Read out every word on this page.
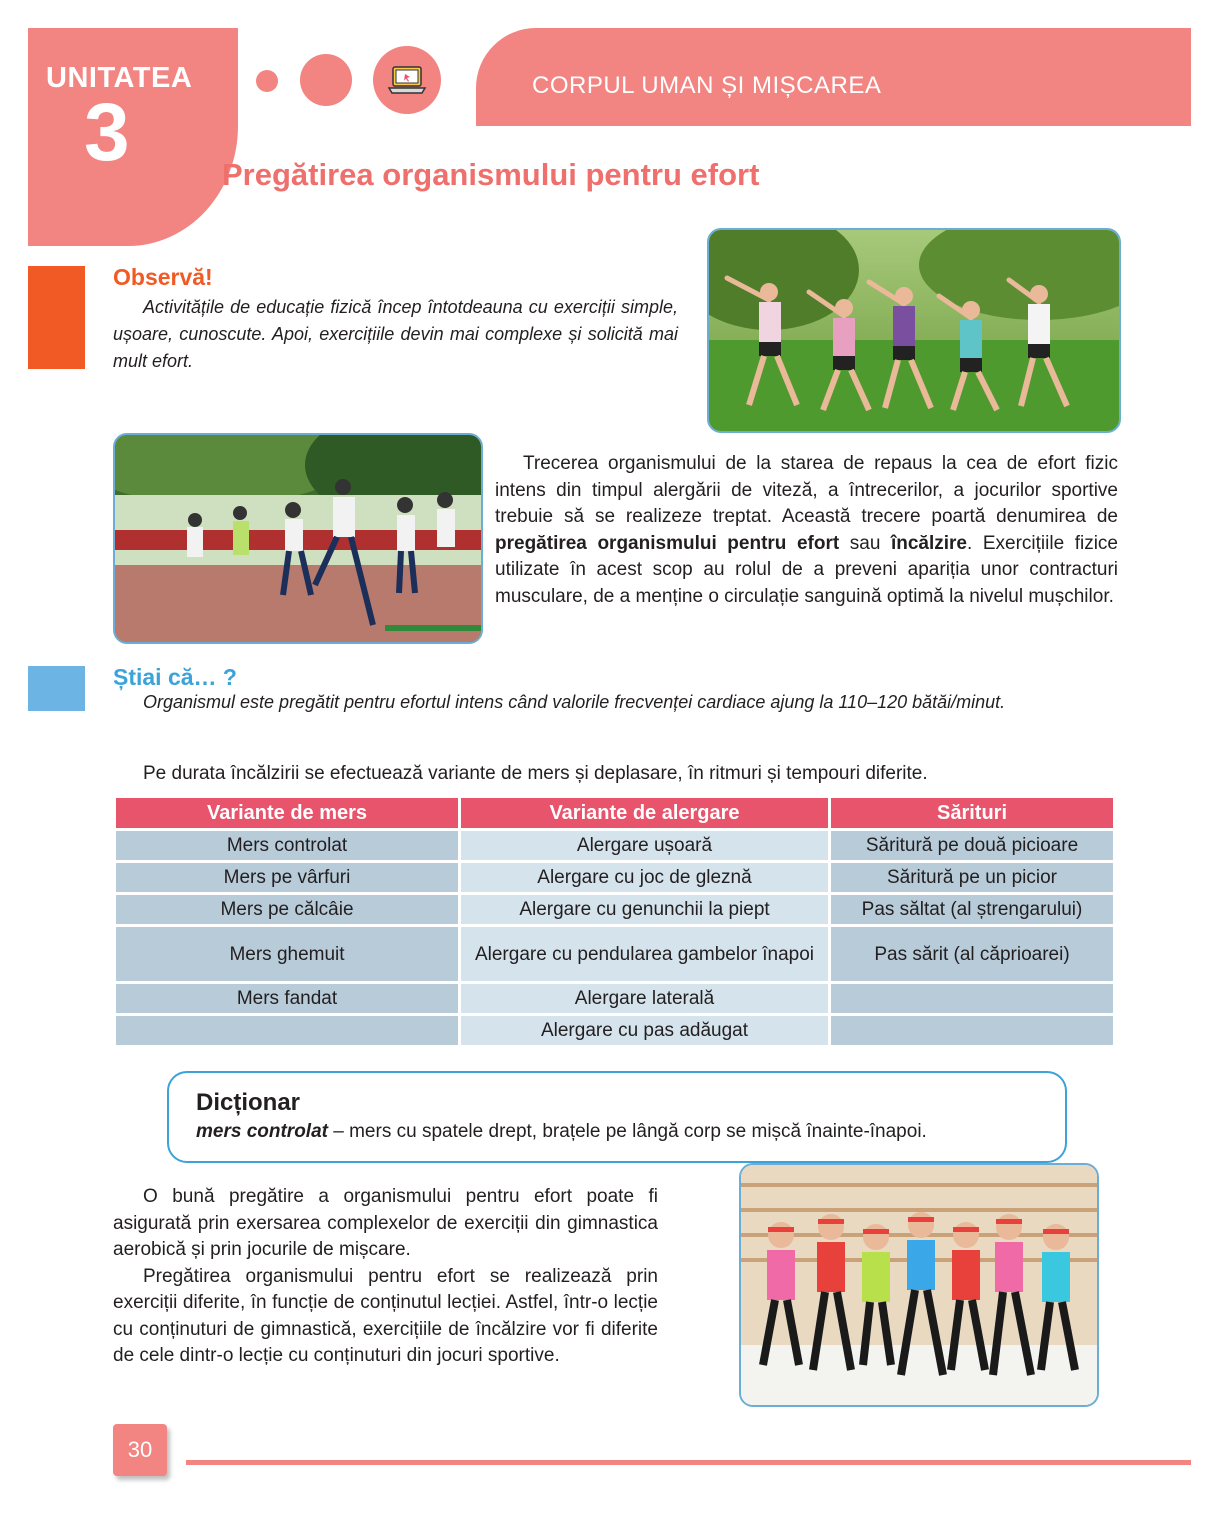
UNITATEA
3
CORPUL UMAN ȘI MIȘCAREA
Pregătirea organismului pentru efort
Observă!
Activitățile de educație fizică încep întotdeauna cu exerciții simple, ușoare, cunoscute. Apoi, exercițiile devin mai complexe și solicită mai mult efort.
Trecerea organismului de la starea de repaus la cea de efort fizic intens din timpul alergării de viteză, a întrecerilor, a jocurilor sportive trebuie să se realizeze treptat. Această trecere poartă denumirea de pregătirea organismului pentru efort sau încălzire. Exercițiile fizice utilizate în acest scop au rolul de a preveni apariția unor contracturi musculare, de a menține o circulație sanguină optimă la nivelul mușchilor.
Știai că… ?
Organismul este pregătit pentru efortul intens când valorile frecvenței cardiace ajung la 110–120 bătăi/minut.
Pe durata încălzirii se efectuează variante de mers și deplasare, în ritmuri și tempouri diferite.
Variante de mers	Variante de alergare	Sărituri
Mers controlat	Alergare ușoară	Săritură pe două picioare
Mers pe vârfuri	Alergare cu joc de gleznă	Săritură pe un picior
Mers pe călcâie	Alergare cu genunchii la piept	Pas săltat (al ștrengarului)
Mers ghemuit	Alergare cu pendularea gambelor înapoi	Pas sărit (al căprioarei)
Mers fandat	Alergare laterală	
	Alergare cu pas adăugat	
Dicționar
mers controlat – mers cu spatele drept, brațele pe lângă corp se mișcă înainte-înapoi.

O bună pregătire a organismului pentru efort poate fi asigurată prin exersarea complexelor de exerciții din gimnastica aerobică și prin jocurile de mișcare.

Pregătirea organismului pentru efort se realizează prin exerciții diferite, în funcție de conținutul lecției. Astfel, într-o lecție cu conținuturi de gimnastică, exercițiile de încălzire vor fi diferite de cele dintr-o lecție cu conținuturi din jocuri sportive.

30
